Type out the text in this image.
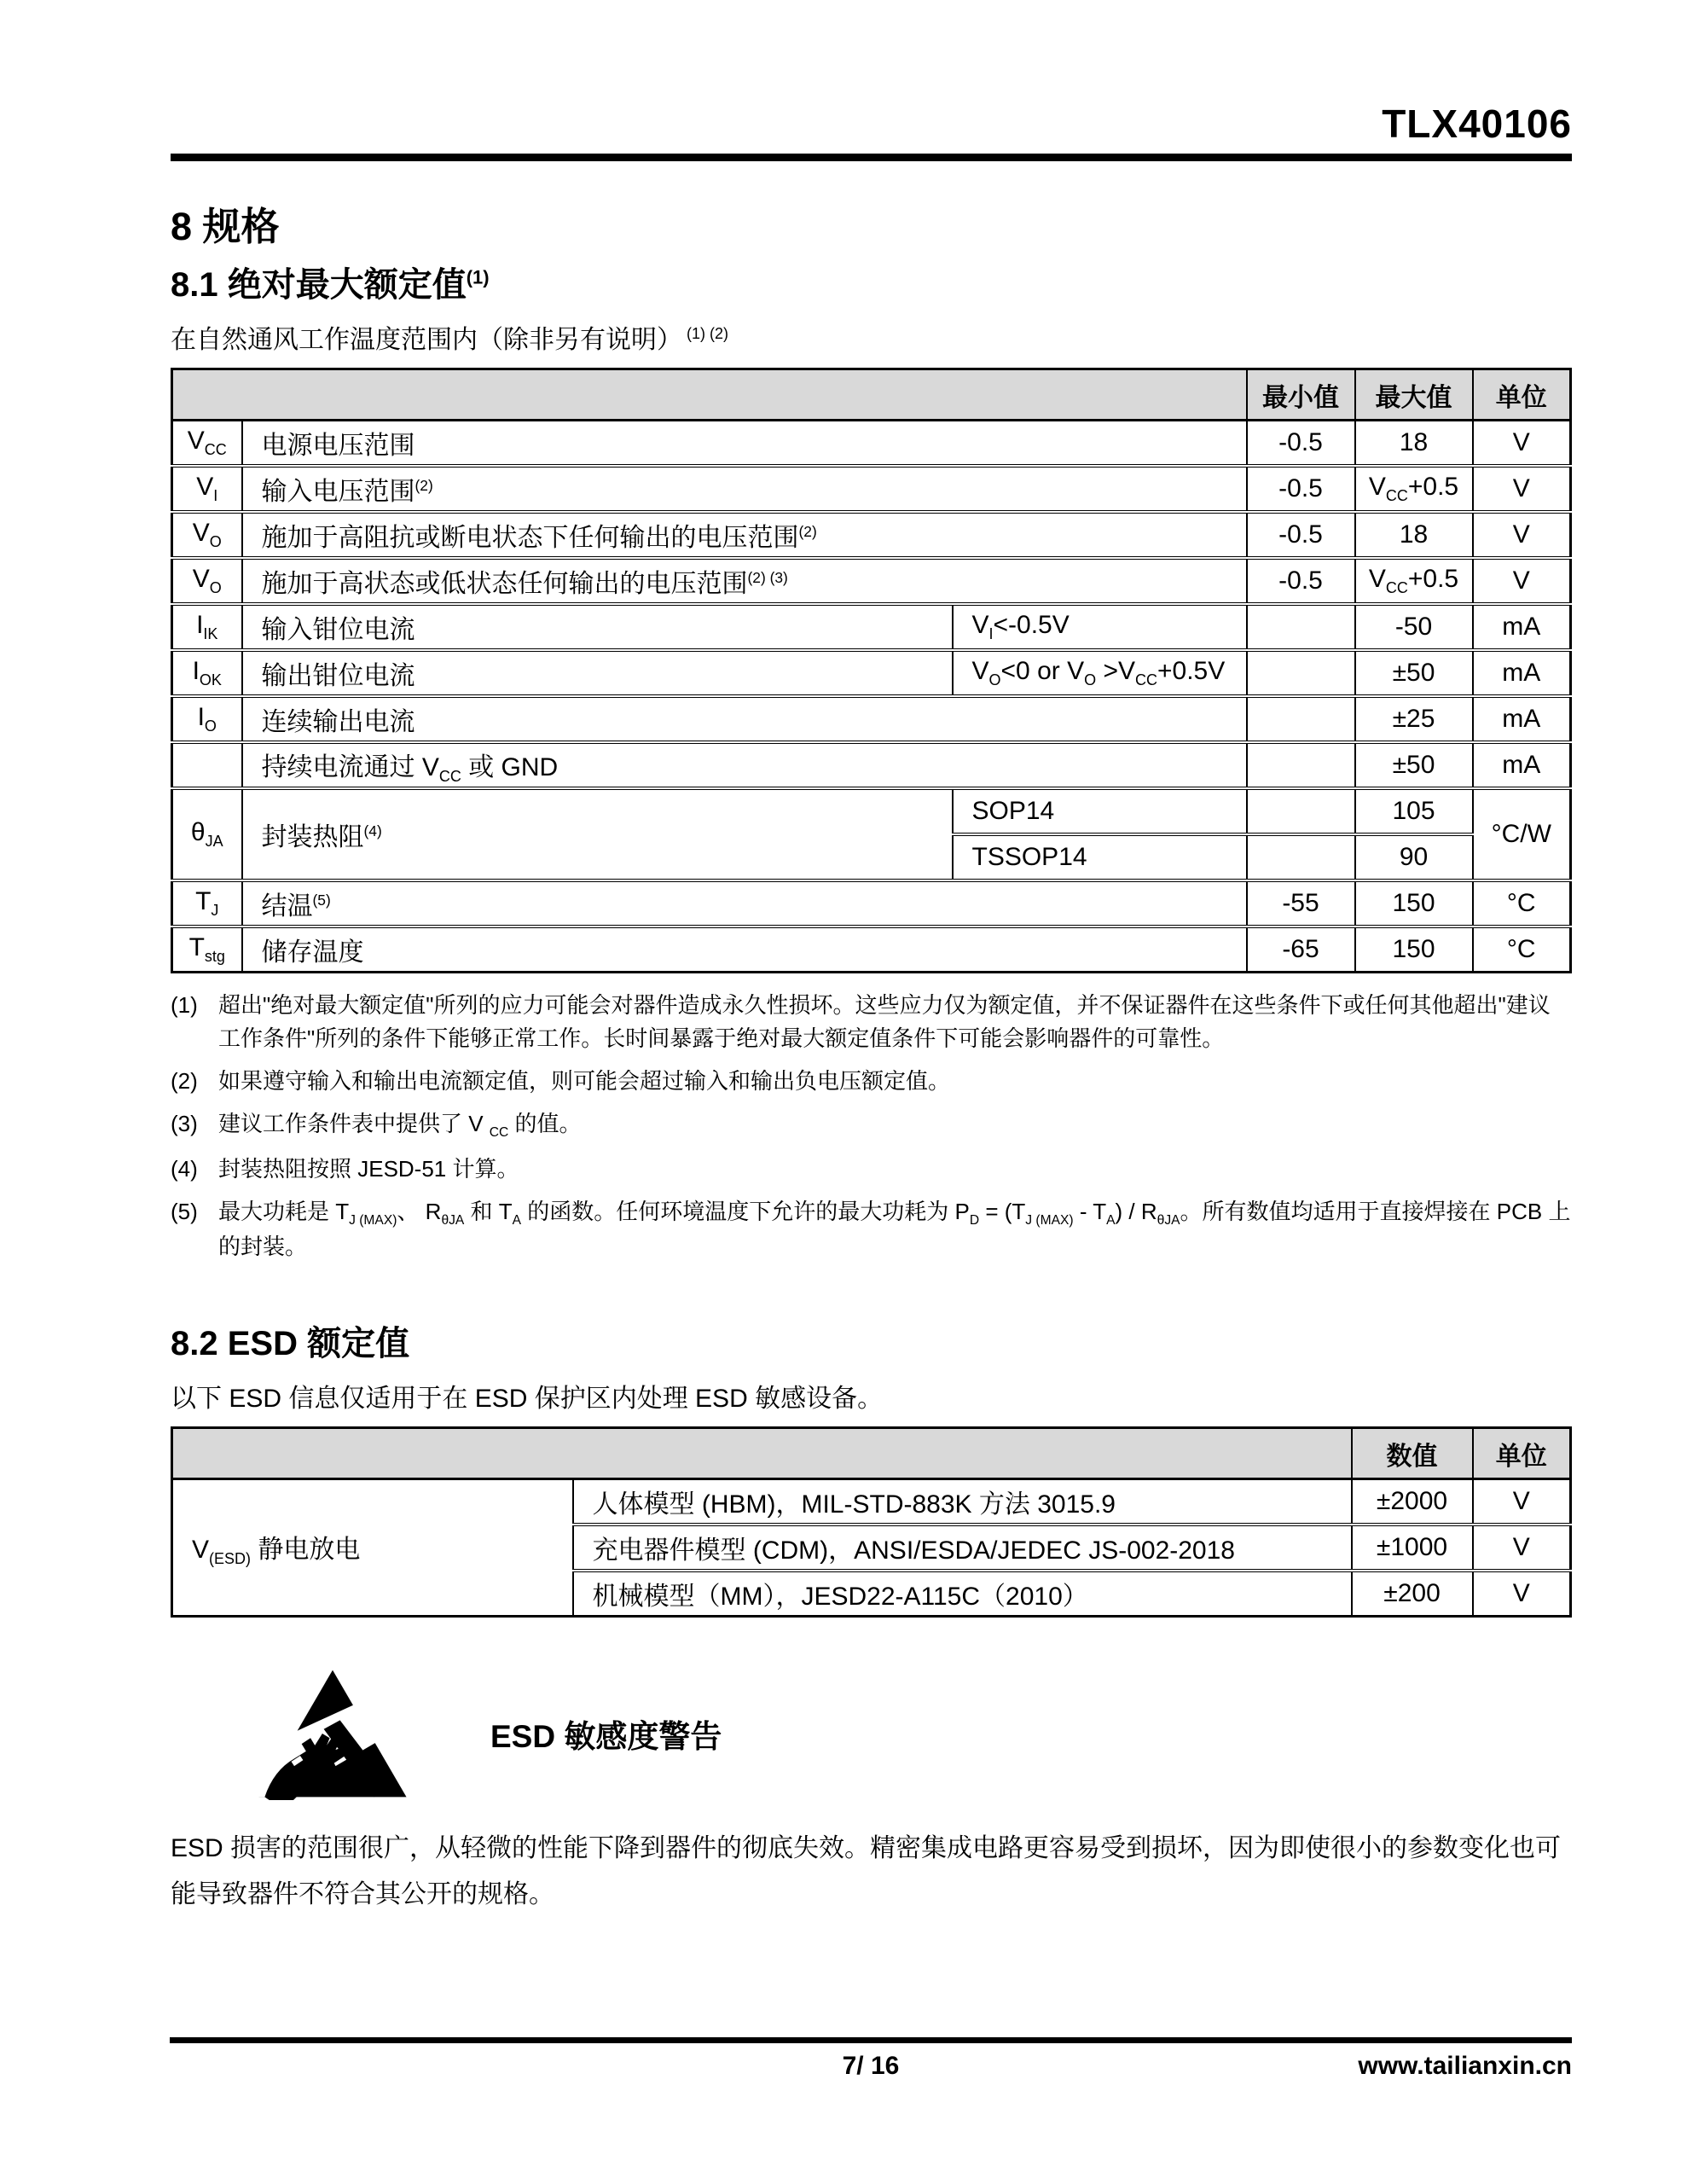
TLX40106
8 规格
8.1 绝对最大额定值$^{(1)}$

在自然通风工作温度范围内（除非另有说明） $^{(1) (2)}$

			最小值	最大值	单位
$V_{CC}$	电源电压范围		-0.5	18	V
$V_I$	输入电压范围$^{(2)}$		-0.5	$V_{CC}+0.5$	V
$V_O$	施加于高阻抗或断电状态下任何输出的电压范围$^{(2)}$		-0.5	18	V
$V_O$	施加于高状态或低状态任何输出的电压范围$^{(2) (3)}$		-0.5	$V_{CC}+0.5$	V
$I_{IK}$	输入钳位电流	$V_I<-0.5V$		-50	mA
$I_{OK}$	输出钳位电流	$V_O<0$ or $V_O >V_{CC}+0.5V$		±50	mA
$I_O$	连续输出电流			±25	mA
	持续电流通过 $V_{CC}$ 或 GND			±50	mA
$\theta_{JA}$	封装热阻$^{(4)}$	SOP14		105	°C/W
		TSSOP14		90	
$T_J$	结温$^{(5)}$		-55	150	°C
$T_{stg}$	储存温度		-65	150	°C
(1) 超出"绝对最大额定值"所列的应力可能会对器件造成永久性损坏。这些应力仅为额定值，并不保证器件在这些条件下或任何其他超出"建议工作条件"所列的条件下能够正常工作。长时间暴露于绝对最大额定值条件下可能会影响器件的可靠性。
(2) 如果遵守输入和输出电流额定值，则可能会超过输入和输出负电压额定值。
(3) 建议工作条件表中提供了 V $_{CC}$ 的值。
(4) 封装热阻按照 JESD-51 计算。
(5) 最大功耗是 $T_{J (MAX)}$、 $R_{\theta JA}$ 和 $T_A$ 的函数。任何环境温度下允许的最大功耗为 $P_D = (T_{J (MAX)} - T_A) / R_{\theta JA}$。所有数值均适用于直接焊接在 PCB 上的封装。
8.2 ESD 额定值

以下 ESD 信息仅适用于在 ESD 保护区内处理 ESD 敏感设备。

		数值	单位
$V_{(ESD)}$ 静电放电	人体模型 (HBM)，MIL-STD-883K 方法 3015.9	±2000	V
	充电器件模型 (CDM)，ANSI/ESDA/JEDEC JS-002-2018	±1000	V
	机械模型（MM），JESD22-A115C（2010）	±200	V
ESD 敏感度警告

ESD 损害的范围很广，从轻微的性能下降到器件的彻底失效。精密集成电路更容易受到损坏，因为即使很小的参数变化也可能导致器件不符合其公开的规格。

7/ 16	www.tailianxin.cn
